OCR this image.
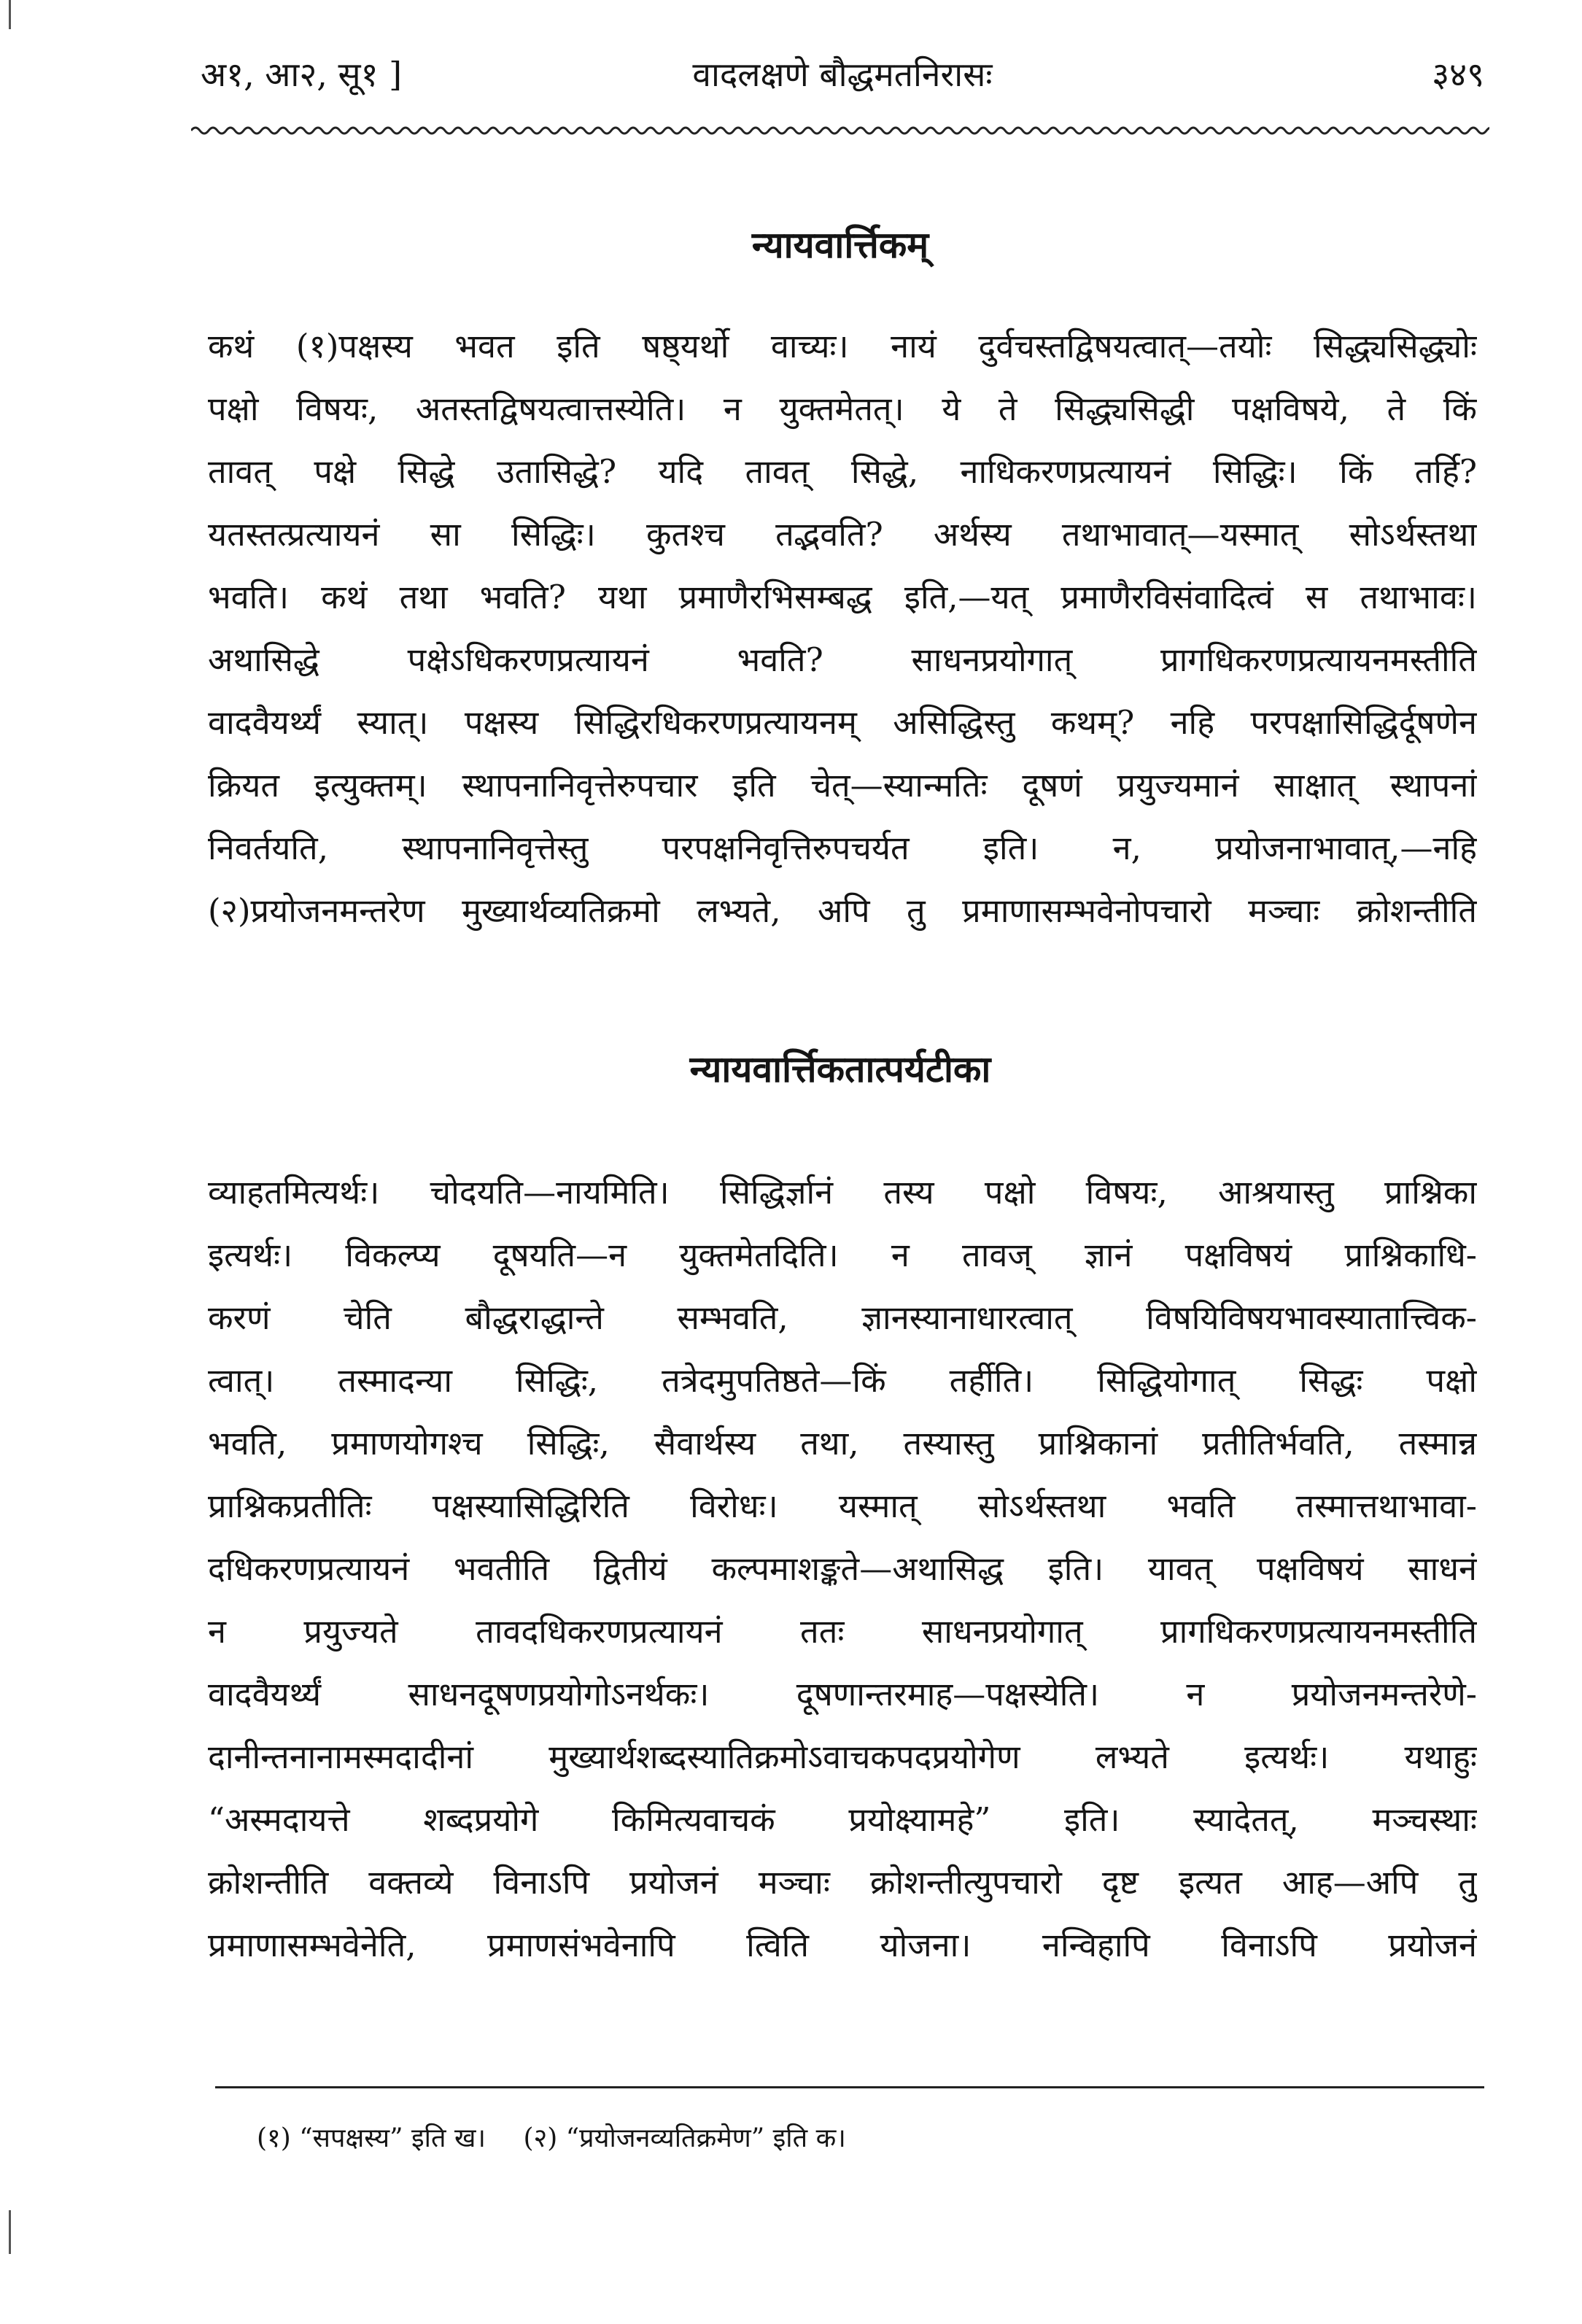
अ१, आ२, सू१ ]	वादलक्षणे बौद्धमतनिरासः	३४९
न्यायवार्त्तिकम्
कथं (१)पक्षस्य भवत इति षष्ठ्यर्थो वाच्यः। नायं दुर्वचस्तद्विषयत्वात्—तयोः सिद्ध्यसिद्ध्योः
पक्षो विषयः, अतस्तद्विषयत्वात्तस्येति। न युक्तमेतत्। ये ते सिद्ध्यसिद्धी पक्षविषये, ते किं
तावत् पक्षे सिद्धे उतासिद्धे? यदि तावत् सिद्धे, नाधिकरणप्रत्यायनं सिद्धिः। किं तर्हि?
यतस्तत्प्रत्यायनं सा सिद्धिः। कुतश्च तद्भवति? अर्थस्य तथाभावात्—यस्मात् सोऽर्थस्तथा
भवति। कथं तथा भवति? यथा प्रमाणैरभिसम्बद्ध इति,—यत् प्रमाणैरविसंवादित्वं स तथाभावः।
अथासिद्धे पक्षेऽधिकरणप्रत्यायनं भवति? साधनप्रयोगात् प्रागधिकरणप्रत्यायनमस्तीति
वादवैयर्थ्यं स्यात्। पक्षस्य सिद्धिरधिकरणप्रत्यायनम् असिद्धिस्तु कथम्? नहि परपक्षासिद्धिर्दूषणेन
क्रियत इत्युक्तम्। स्थापनानिवृत्तेरुपचार इति चेत्—स्यान्मतिः दूषणं प्रयुज्यमानं साक्षात् स्थापनां
निवर्तयति, स्थापनानिवृत्तेस्तु परपक्षनिवृत्तिरुपचर्यत इति। न, प्रयोजनाभावात्,—नहि
(२)प्रयोजनमन्तरेण मुख्यार्थव्यतिक्रमो लभ्यते, अपि तु प्रमाणासम्भवेनोपचारो मञ्चाः क्रोशन्तीति
न्यायवार्त्तिकतात्पर्यटीका
व्याहतमित्यर्थः। चोदयति—नायमिति। सिद्धिर्ज्ञानं तस्य पक्षो विषयः, आश्रयास्तु प्राश्निका
इत्यर्थः। विकल्प्य दूषयति—न युक्तमेतदिति। न तावज् ज्ञानं पक्षविषयं प्राश्निकाधि-
करणं चेति बौद्धराद्धान्ते सम्भवति, ज्ञानस्यानाधारत्वात् विषयिविषयभावस्यातात्त्विक-
त्वात्। तस्मादन्या सिद्धिः, तत्रेदमुपतिष्ठते—किं तर्हीति। सिद्धियोगात् सिद्धः पक्षो
भवति, प्रमाणयोगश्च सिद्धिः, सैवार्थस्य तथा, तस्यास्तु प्राश्निकानां प्रतीतिर्भवति, तस्मान्न
प्राश्निकप्रतीतिः पक्षस्यासिद्धिरिति विरोधः। यस्मात् सोऽर्थस्तथा भवति तस्मात्तथाभावा-
दधिकरणप्रत्यायनं भवतीति द्वितीयं कल्पमाशङ्कते—अथासिद्ध इति। यावत् पक्षविषयं साधनं
न प्रयुज्यते तावदधिकरणप्रत्यायनं ततः साधनप्रयोगात् प्रागधिकरणप्रत्यायनमस्तीति
वादवैयर्थ्यं साधनदूषणप्रयोगोऽनर्थकः। दूषणान्तरमाह—पक्षस्येति। न प्रयोजनमन्तरेणे-
दानीन्तनानामस्मदादीनां मुख्यार्थशब्दस्यातिक्रमोऽवाचकपदप्रयोगेण लभ्यते इत्यर्थः। यथाहुः
“अस्मदायत्ते शब्दप्रयोगे किमित्यवाचकं प्रयोक्ष्यामहे” इति। स्यादेतत्, मञ्चस्थाः
क्रोशन्तीति वक्तव्ये विनाऽपि प्रयोजनं मञ्चाः क्रोशन्तीत्युपचारो दृष्ट इत्यत आह—अपि तु
प्रमाणासम्भवेनेति, प्रमाणसंभवेनापि त्विति योजना। नन्विहापि विनाऽपि प्रयोजनं
(१) “सपक्षस्य” इति ख। (२) “प्रयोजनव्यतिक्रमेण” इति क।
